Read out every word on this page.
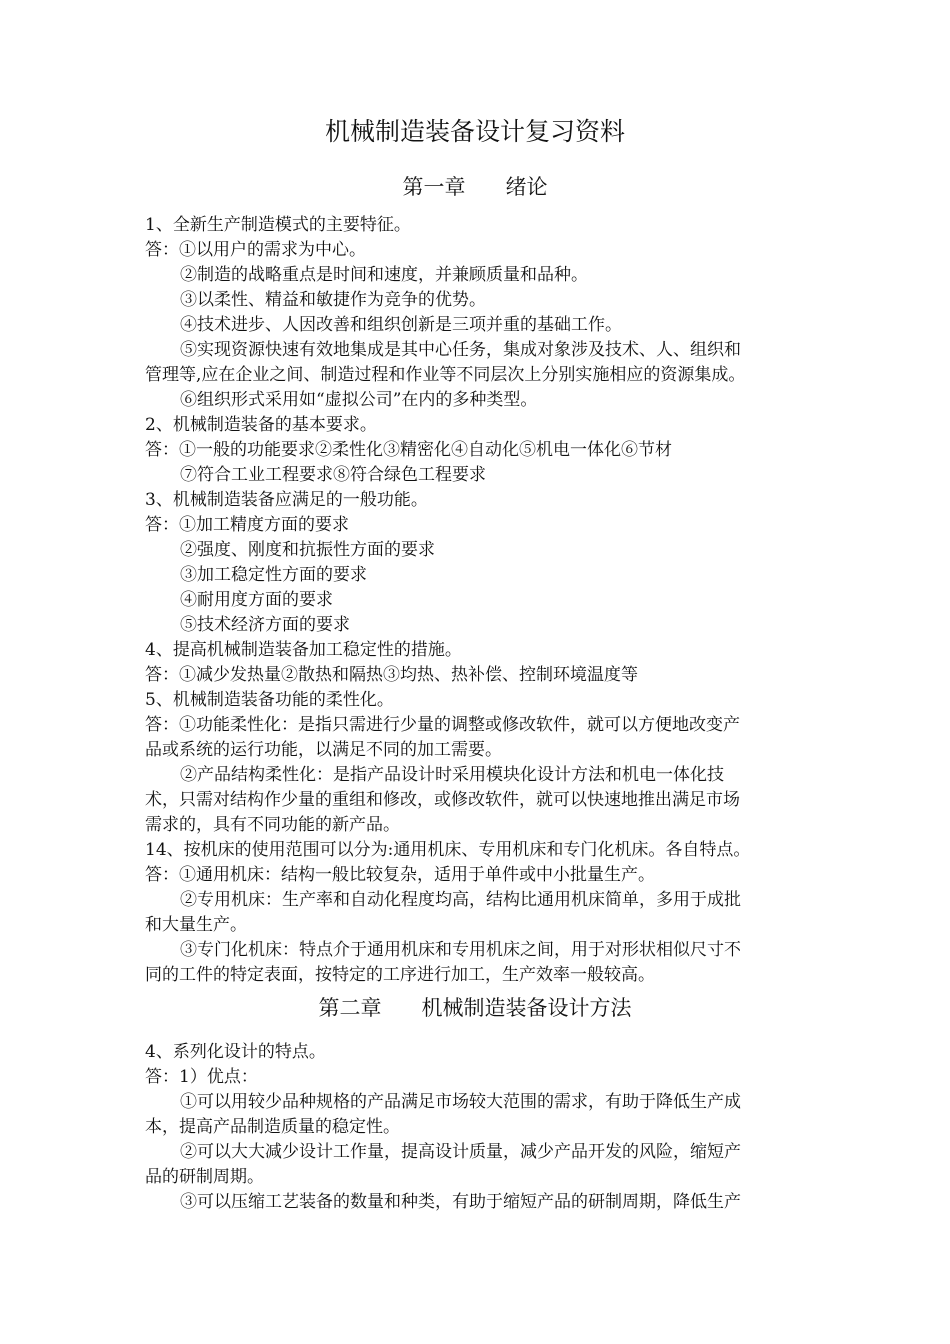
机械制造装备设计复习资料
第一章      绪论
1、全新生产制造模式的主要特征。
答：①以用户的需求为中心。
②制造的战略重点是时间和速度，并兼顾质量和品种。
③以柔性、精益和敏捷作为竞争的优势。
④技术进步、人因改善和组织创新是三项并重的基础工作。
⑤实现资源快速有效地集成是其中心任务，集成对象涉及技术、人、组织和
管理等,应在企业之间、制造过程和作业等不同层次上分别实施相应的资源集成。
⑥组织形式采用如“虚拟公司”在内的多种类型。
2、机械制造装备的基本要求。
答：①一般的功能要求②柔性化③精密化④自动化⑤机电一体化⑥节材
⑦符合工业工程要求⑧符合绿色工程要求
3、机械制造装备应满足的一般功能。
答：①加工精度方面的要求
②强度、刚度和抗振性方面的要求
③加工稳定性方面的要求
④耐用度方面的要求
⑤技术经济方面的要求
4、提高机械制造装备加工稳定性的措施。
答：①减少发热量②散热和隔热③均热、热补偿、控制环境温度等
5、机械制造装备功能的柔性化。
答：①功能柔性化：是指只需进行少量的调整或修改软件，就可以方便地改变产
品或系统的运行功能，以满足不同的加工需要。
②产品结构柔性化：是指产品设计时采用模块化设计方法和机电一体化技
术，只需对结构作少量的重组和修改，或修改软件，就可以快速地推出满足市场
需求的，具有不同功能的新产品。
14、按机床的使用范围可以分为:通用机床、专用机床和专门化机床。各自特点。
答：①通用机床：结构一般比较复杂，适用于单件或中小批量生产。
②专用机床：生产率和自动化程度均高，结构比通用机床简单，多用于成批
和大量生产。
③专门化机床：特点介于通用机床和专用机床之间，用于对形状相似尺寸不
同的工件的特定表面，按特定的工序进行加工，生产效率一般较高。
第二章      机械制造装备设计方法
4、系列化设计的特点。
答：1）优点：
①可以用较少品种规格的产品满足市场较大范围的需求，有助于降低生产成
本，提高产品制造质量的稳定性。
②可以大大减少设计工作量，提高设计质量，减少产品开发的风险，缩短产
品的研制周期。
③可以压缩工艺装备的数量和种类，有助于缩短产品的研制周期，降低生产
